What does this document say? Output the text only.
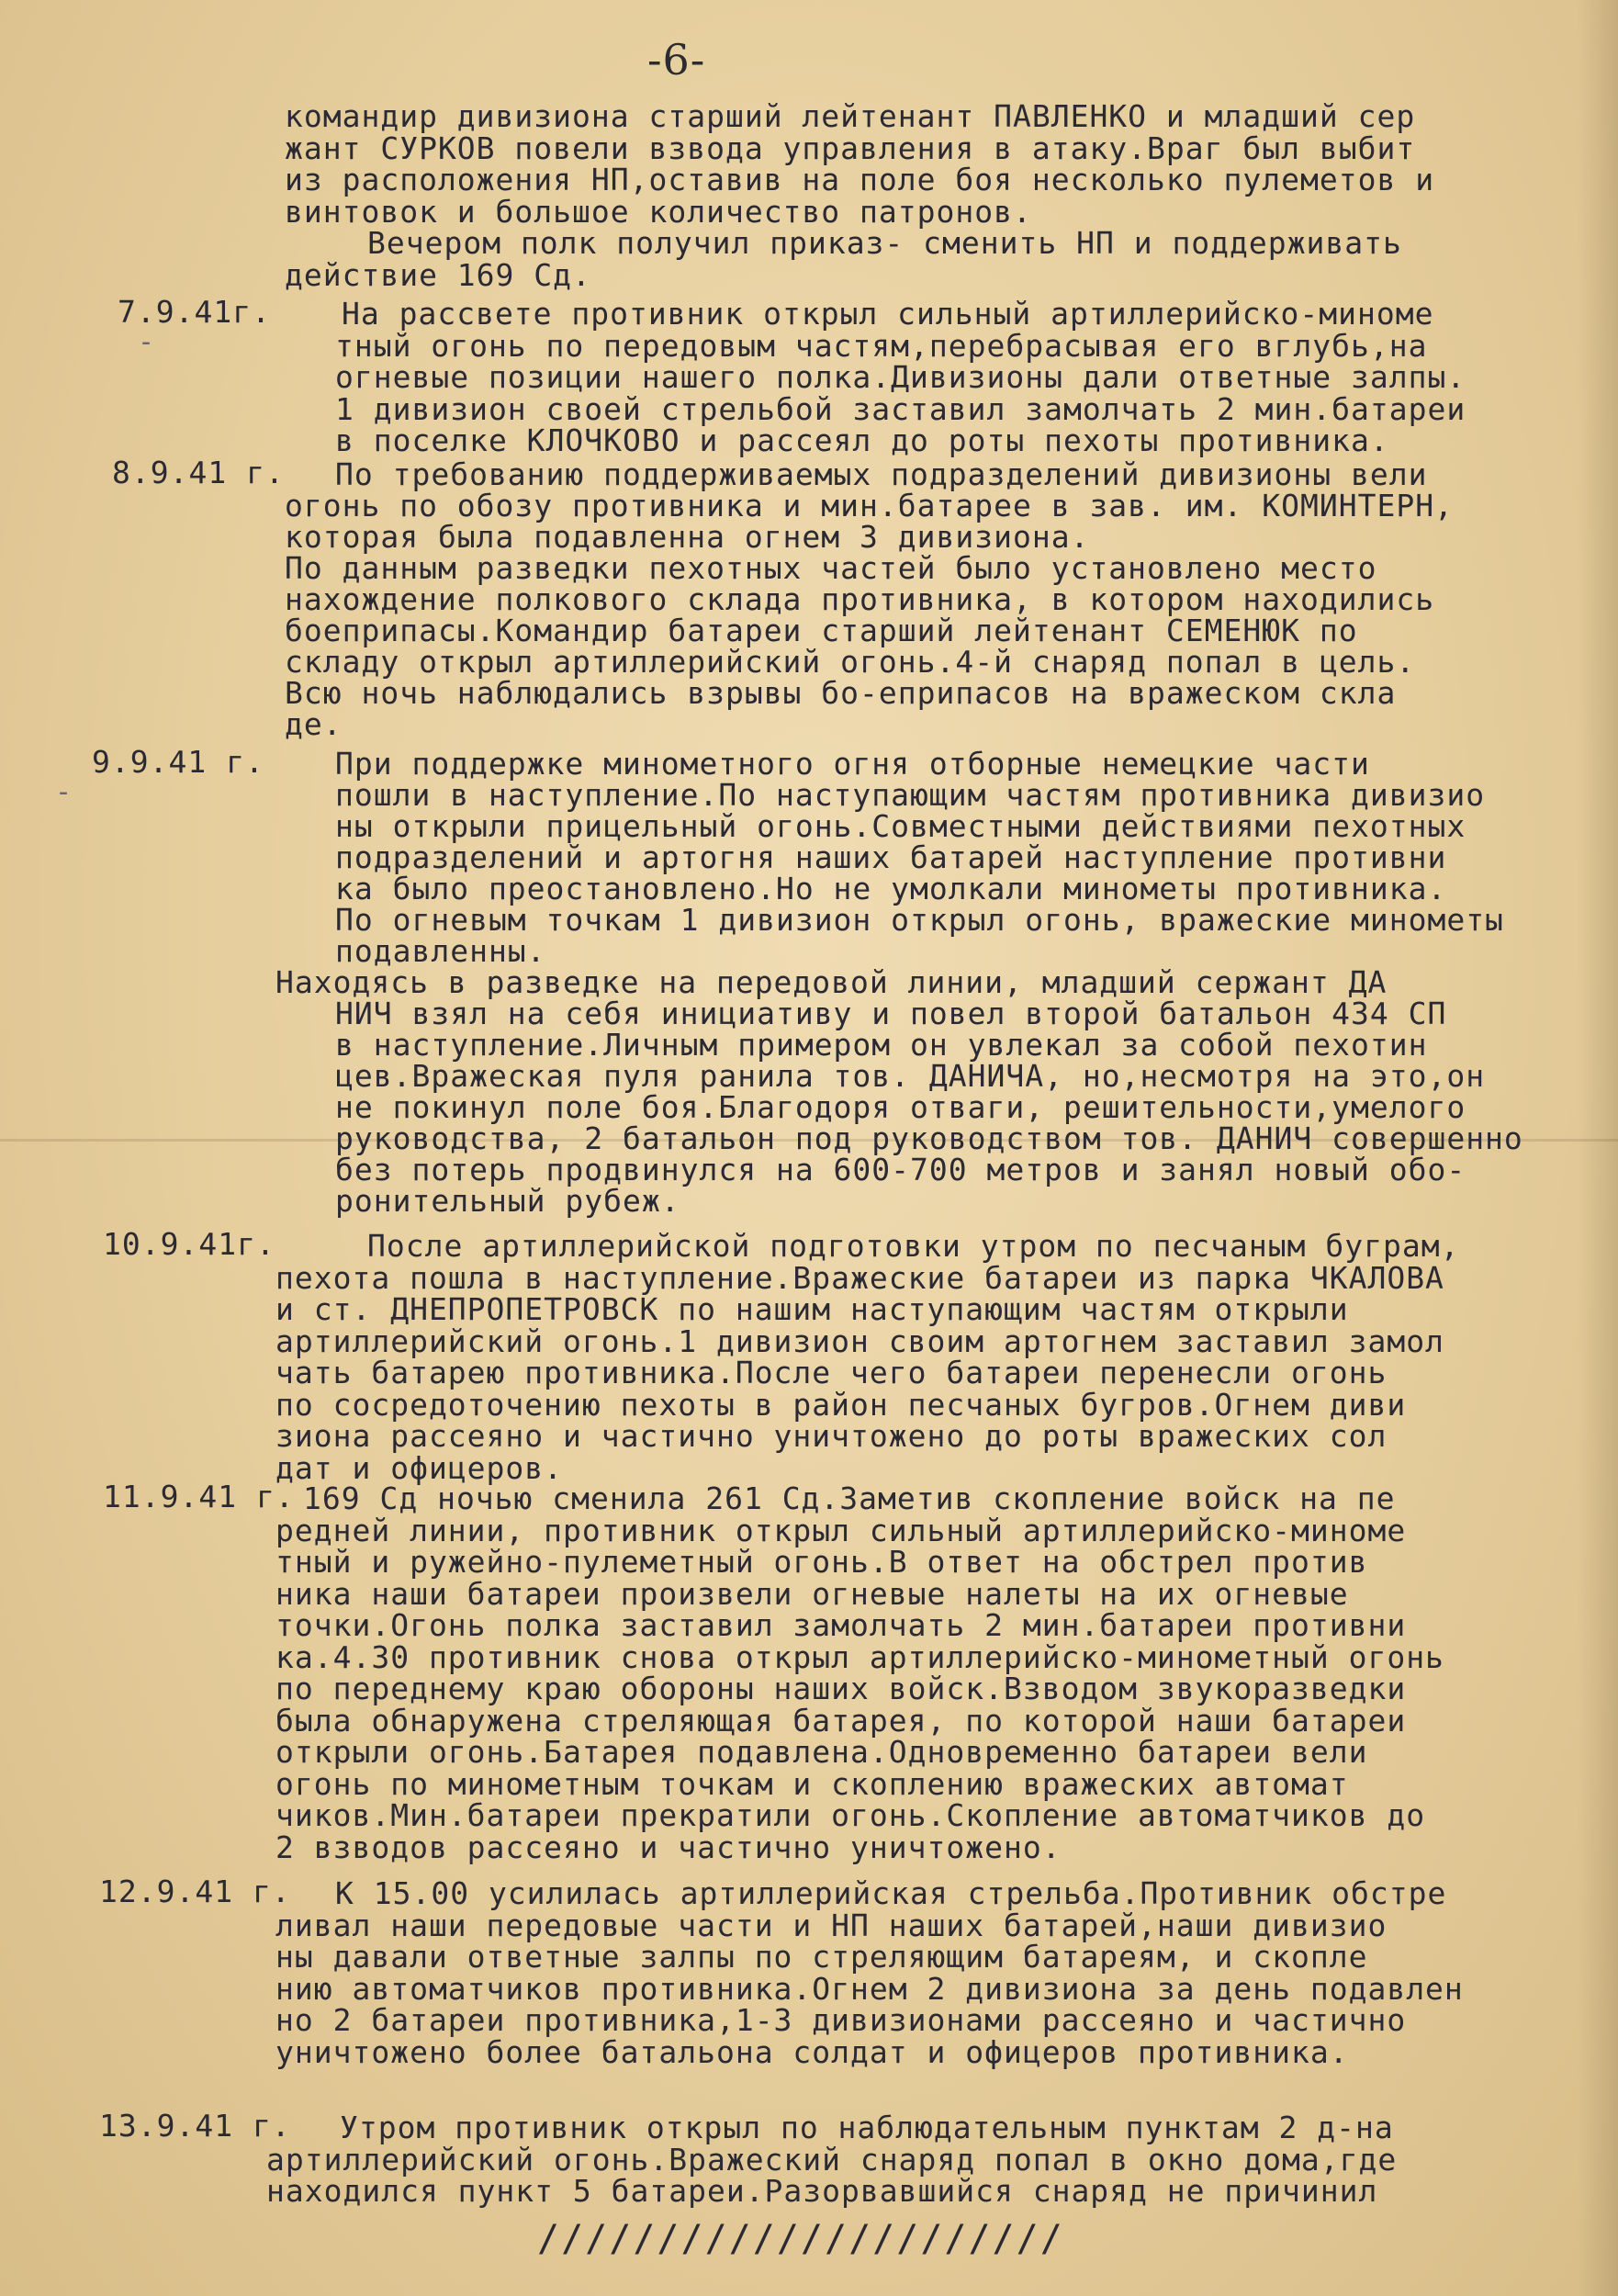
-6-
командир дивизиона старший лейтенант ПАВЛЕНКО и младший сер
жант СУРКОВ повели взвода управления в атаку.Враг был выбит
из расположения НП,оставив на поле боя несколько пулеметов и
винтовок и большое количество патронов.
Вечером полк получил приказ- сменить НП и поддерживать
действие 169 Сд.
7.9.41г.
-
На рассвете противник открыл сильный артиллерийско-миноме
тный огонь по передовым частям,перебрасывая его вглубь,на
огневые позиции нашего полка.Дивизионы дали ответные залпы.
1 дивизион своей стрельбой заставил замолчать 2 мин.батареи
в поселке КЛОЧКОВО и рассеял до роты пехоты противника.
8.9.41 г. По требованию поддерживаемых подразделений дивизионы вели
огонь по обозу противника и мин.батарее в зав. им. КОМИНТЕРН,
которая была подавленна огнем 3 дивизиона.
По данным разведки пехотных частей было установлено место
нахождение полкового склада противника, в котором находились
боеприпасы.Командир батареи старший лейтенант СЕМЕНЮК по
складу открыл артиллерийский огонь.4-й снаряд попал в цель.
Всю ночь наблюдались взрывы бо-еприпасов на вражеском скла
де.
9.9.41 г.
-
При поддержке минометного огня отборные немецкие части
пошли в наступление.По наступающим частям противника дивизио
ны открыли прицельный огонь.Совместными действиями пехотных
подразделений и артогня наших батарей наступление противни
ка было преостановлено.Но не умолкали минометы противника.
По огневым точкам 1 дивизион открыл огонь, вражеские минометы
подавленны.
Находясь в разведке на передовой линии, младший сержант ДА
НИЧ взял на себя инициативу и повел второй батальон 434 СП
в наступление.Личным примером он увлекал за собой пехотин
цев.Вражеская пуля ранила тов. ДАНИЧА, но,несмотря на это,он
не покинул поле боя.Благодоря отваги, решительности,умелого
руководства, 2 батальон под руководством тов. ДАНИЧ совершенно
без потерь продвинулся на 600-700 метров и занял новый обо-
ронительный рубеж.
10.9.41г.	После артиллерийской подготовки утром по песчаным буграм,
пехота пошла в наступление.Вражеские батареи из парка ЧКАЛОВА
и ст. ДНЕПРОПЕТРОВСК по нашим наступающим частям открыли
артиллерийский огонь.1 дивизион своим артогнем заставил замол
чать батарею противника.После чего батареи перенесли огонь
по сосредоточению пехоты в район песчаных бугров.Огнем диви
зиона рассеяно и частично уничтожено до роты вражеских сол
дат и офицеров.
11.9.41 г. 169 Сд ночью сменила 261 Сд.Заметив скопление войск на пе
редней линии, противник открыл сильный артиллерийско-миноме
тный и ружейно-пулеметный огонь.В ответ на обстрел против
ника наши батареи произвели огневые налеты на их огневые
точки.Огонь полка заставил замолчать 2 мин.батареи противни
ка.4.30 противник снова открыл артиллерийско-минометный огонь
по переднему краю обороны наших войск.Взводом звукоразведки
была обнаружена стреляющая батарея, по которой наши батареи
открыли огонь.Батарея подавлена.Одновременно батареи вели
огонь по минометным точкам и скоплению вражеских автомат
чиков.Мин.батареи прекратили огонь.Скопление автоматчиков до
2 взводов рассеяно и частично уничтожено.
12.9.41 г. К 15.00 усилилась артиллерийская стрельба.Противник обстре
ливал наши передовые части и НП наших батарей,наши дивизио
ны давали ответные залпы по стреляющим батареям, и скопле
нию автоматчиков противника.Огнем 2 дивизиона за день подавлен
но 2 батареи противника,1-3 дивизионами рассеяно и частично
уничтожено более батальона солдат и офицеров противника.
13.9.41 г. Утром противник открыл по наблюдательным пунктам 2 д-на
артиллерийский огонь.Вражеский снаряд попал в окно дома,где
находился пункт 5 батареи.Разорвавшийся снаряд не причинил
//////////////////////
